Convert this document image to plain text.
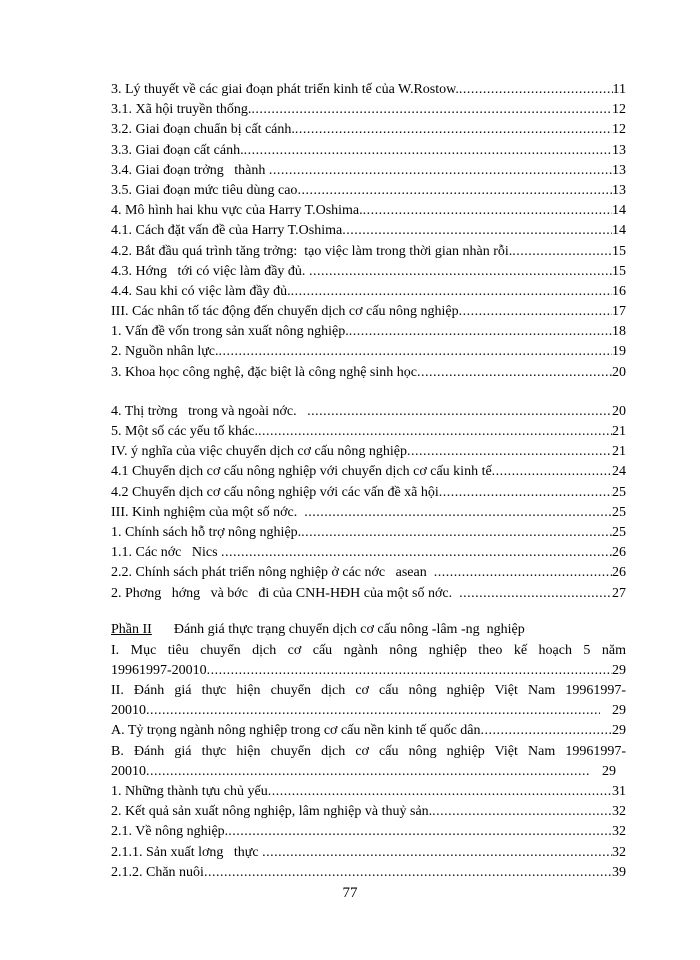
3. Lý thuyết về các giai đoạn phát triển kinh tế của W.Rostow. .....	11
3.1. Xã hội truyền thống. .....	12
3.2. Giai đoạn chuẩn bị cất cánh. .....	12
3.3. Giai đoạn cất cánh. .....	13
3.4. Giai đoạn trởng   thành .....	13
3.5. Giai đoạn mức tiêu dùng cao .....	13
4. Mô hình hai khu vực của Harry T.Oshima. .....	14
4.1. Cách đặt vấn đề của Harry T.Oshima .....	14
4.2. Bắt đầu quá trình tăng trởng:  tạo việc làm trong thời gian nhàn rỗi. .....	15
4.3. Hớng   tới có việc làm đầy đủ. .....	15
4.4. Sau khi có việc làm đầy đủ. .....	16
III. Các nhân tố tác động đến chuyển dịch cơ cấu nông nghiệp .....	17
1. Vấn đề vốn trong sản xuất nông nghiệp. .....	18
2. Nguồn nhân lực. .....	19
3. Khoa học công nghệ, đặc biệt là công nghệ sinh học .....	20
4. Thị trờng   trong và ngoài nớc. .....	20
5. Một số các yếu tố khác. .....	21
IV. ý nghĩa của việc chuyển dịch cơ cấu nông nghiệp .....	21
4.1 Chuyển dịch cơ cấu nông nghiệp với chuyển dịch cơ cấu kinh tế .....	24
4.2 Chuyển dịch cơ cấu nông nghiệp với các vấn đề xã hội .....	25
III. Kinh nghiệm của một số nớc. .....	25
1. Chính sách hỗ trợ nông nghiệp. .....	25
1.1. Các nớc   Nics .....	26
2.2. Chính sách phát triển nông nghiệp ở các nớc   asean .....	26
2. Phơng   hớng   và bớc   đi của CNH-HĐH của một số nớc. .....	27
Phần II Đánh giá thực trạng chuyển dịch cơ cấu nông -lâm -ng  nghiệp
I. Mục tiêu chuyển dịch cơ cấu ngành nông nghiệp theo kế hoạch 5 năm
19961997-20010 .....	29
II. Đánh giá thực hiện chuyển dịch cơ cấu nông nghiệp Việt Nam 19961997-
20010 .....	29
A. Tỷ trọng ngành nông nghiệp trong cơ cấu nền kinh tế quốc dân .....	29
B. Đánh giá thực hiện chuyển dịch cơ cấu nông nghiệp Việt Nam 19961997-
20010 .....	29
1. Những thành tựu chủ yếu .....	31
2. Kết quả sản xuất nông nghiệp, lâm nghiệp và thuỷ sản. .....	32
2.1. Về nông nghiệp. .....	32
2.1.1. Sản xuất lơng   thực .....	32
2.1.2. Chăn nuôi .....	39
77
